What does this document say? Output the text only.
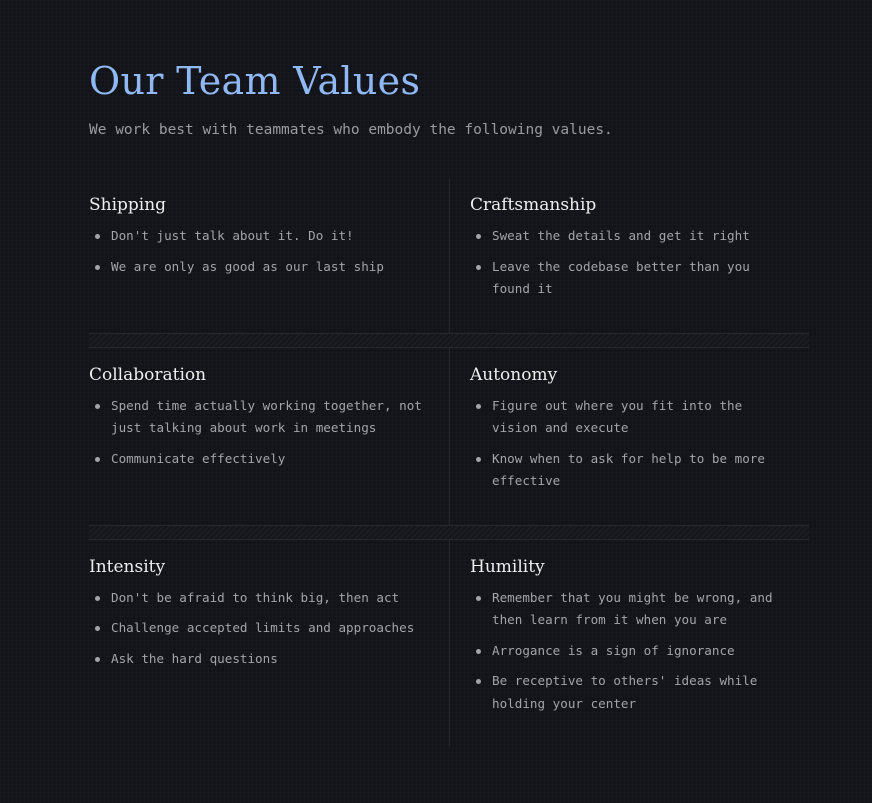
Our Team Values
We work best with teammates who embody the following values.
Shipping
Don't just talk about it. Do it!
We are only as good as our last ship
Craftsmanship
Sweat the details and get it right
Leave the codebase better than you found it
Collaboration
Spend time actually working together, not just talking about work in meetings
Communicate effectively
Autonomy
Figure out where you fit into the vision and execute
Know when to ask for help to be more effective
Intensity
Don't be afraid to think big, then act
Challenge accepted limits and approaches
Ask the hard questions
Humility
Remember that you might be wrong, and then learn from it when you are
Arrogance is a sign of ignorance
Be receptive to others' ideas while holding your center
